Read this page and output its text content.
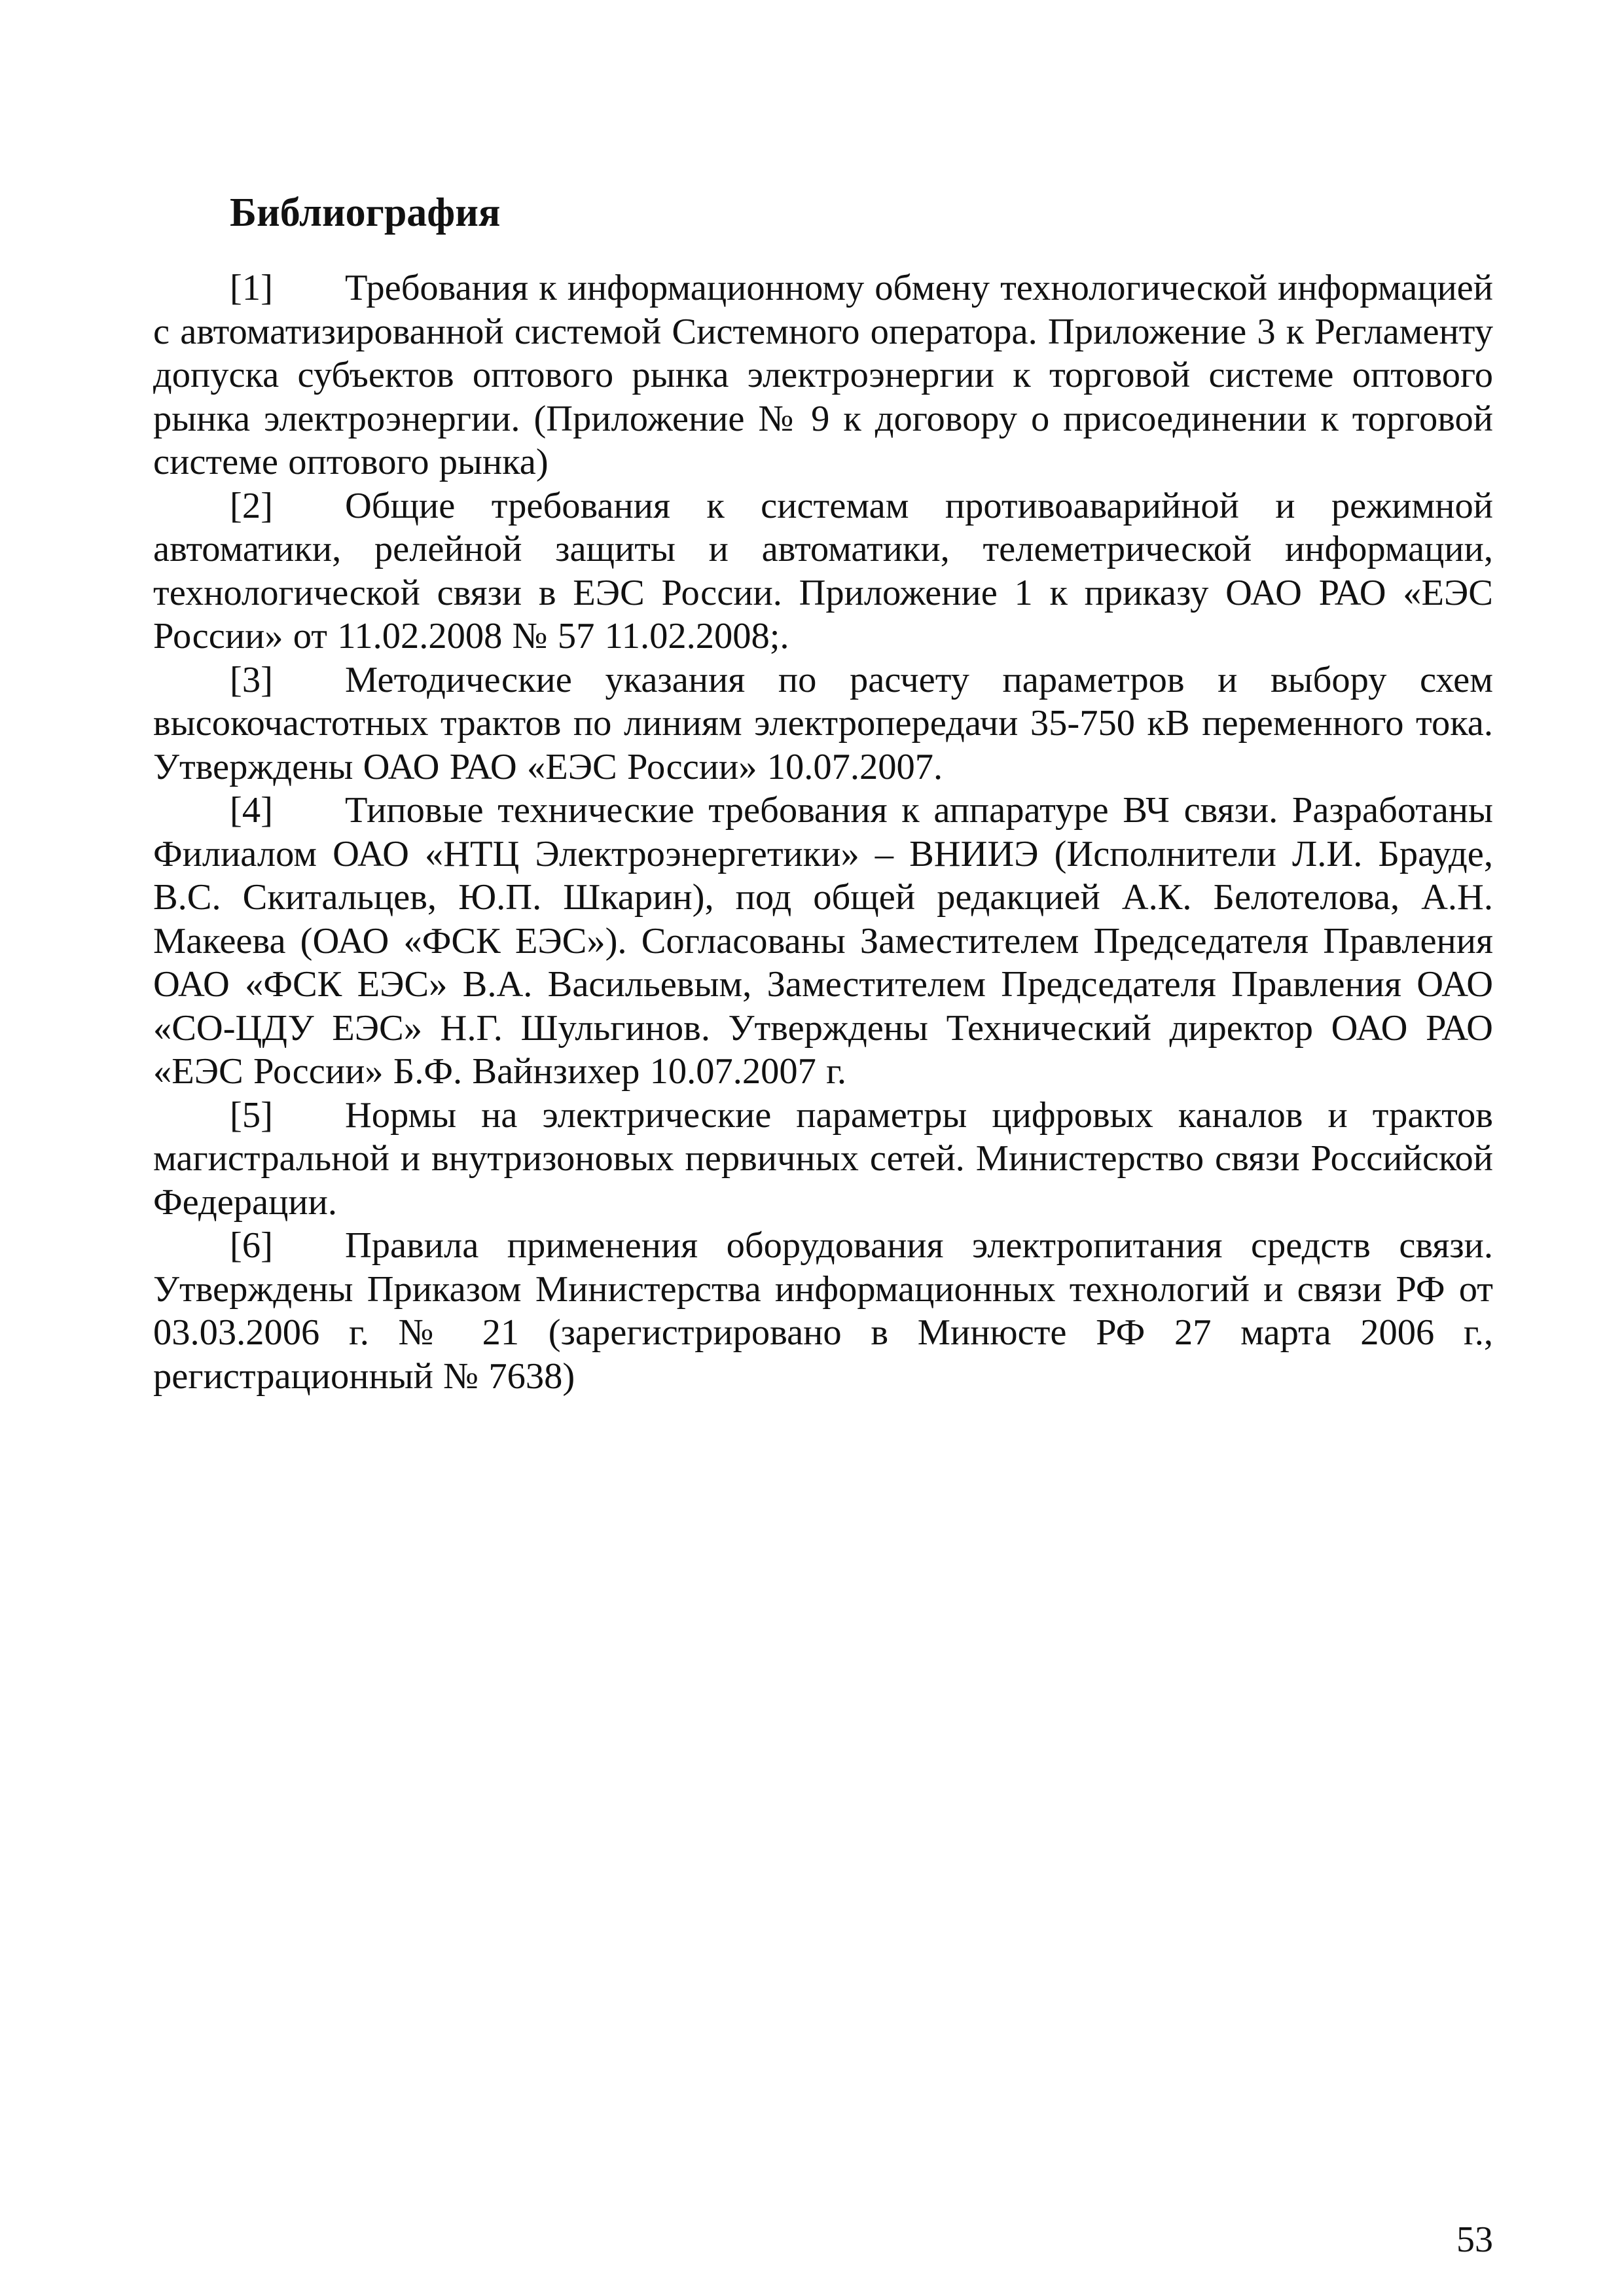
Библиография

[1] Требования к информационному обмену технологической информацией с автоматизированной системой Системного оператора. Приложение 3 к Регламенту допуска субъектов оптового рынка электроэнергии к торговой системе оптового рынка электроэнергии. (Приложение № 9 к договору о присоединении к торговой системе оптового рынка)

[2] Общие требования к системам противоаварийной и режимной автоматики, релейной защиты и автоматики, телеметрической информации, технологической связи в ЕЭС России. Приложение 1 к приказу ОАО РАО «ЕЭС России» от 11.02.2008 № 57 11.02.2008;.

[3] Методические указания по расчету параметров и выбору схем высокочастотных трактов по линиям электропередачи 35-750 кВ переменного тока. Утверждены ОАО РАО «ЕЭС России» 10.07.2007.

[4] Типовые технические требования к аппаратуре ВЧ связи. Разработаны Филиалом ОАО «НТЦ Электроэнергетики» – ВНИИЭ (Исполнители Л.И. Брауде, В.С. Скитальцев, Ю.П. Шкарин), под общей редакцией А.К. Белотелова, А.Н. Макеева (ОАО «ФСК ЕЭС»). Согласованы Заместителем Председателя Правления ОАО «ФСК ЕЭС» В.А. Васильевым, Заместителем Председателя Правления ОАО «СО-ЦДУ ЕЭС» Н.Г. Шульгинов. Утверждены Технический директор ОАО РАО «ЕЭС России» Б.Ф. Вайнзихер 10.07.2007 г.

[5] Нормы на электрические параметры цифровых каналов и трактов магистральной и внутризоновых первичных сетей. Министерство связи Российской Федерации.

[6] Правила применения оборудования электропитания средств связи. Утверждены Приказом Министерства информационных технологий и связи РФ от 03.03.2006 г. № 21 (зарегистрировано в Минюсте РФ 27 марта 2006 г., регистрационный № 7638)

53
